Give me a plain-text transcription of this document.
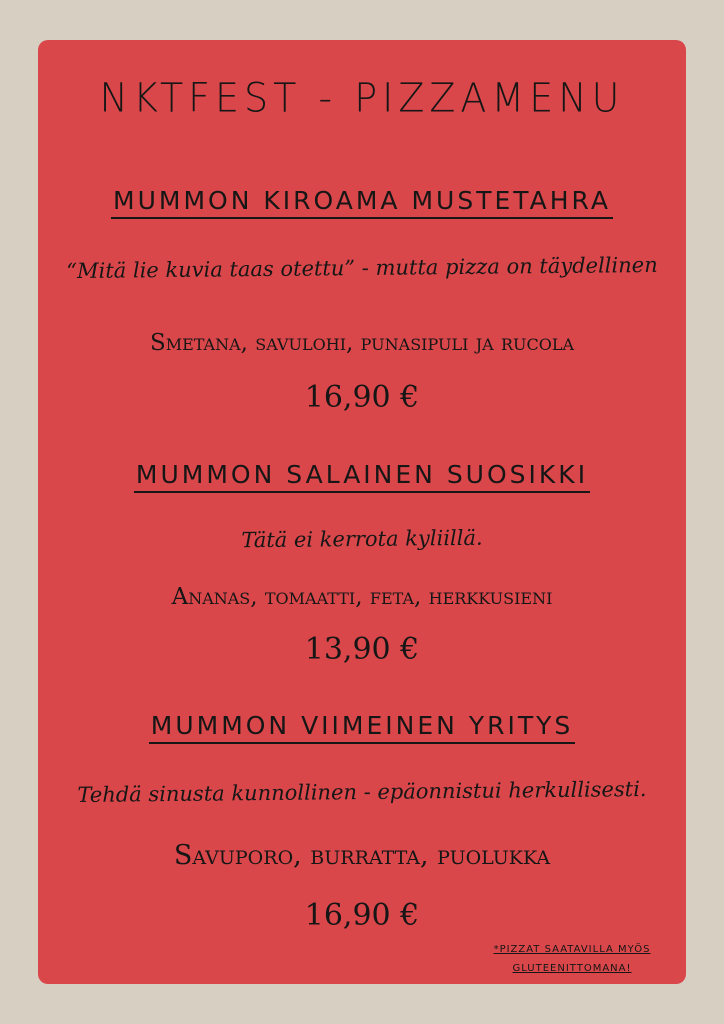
NKTFEST - PIZZAMENU
MUMMON KIROAMA MUSTETAHRA
“Mitä lie kuvia taas otettu” - mutta pizza on täydellinen
Smetana, savulohi, punasipuli ja rucola
16,90 €
MUMMON SALAINEN SUOSIKKI
Tätä ei kerrota kyliillä.
Ananas, tomaatti, feta, herkkusieni
13,90 €
MUMMON VIIMEINEN YRITYS
Tehdä sinusta kunnollinen - epäonnistui herkullisesti.
Savuporo, burratta, puolukka
16,90 €
*PIZZAT SAATAVILLA MYÖS
GLUTEENITTOMANA!
